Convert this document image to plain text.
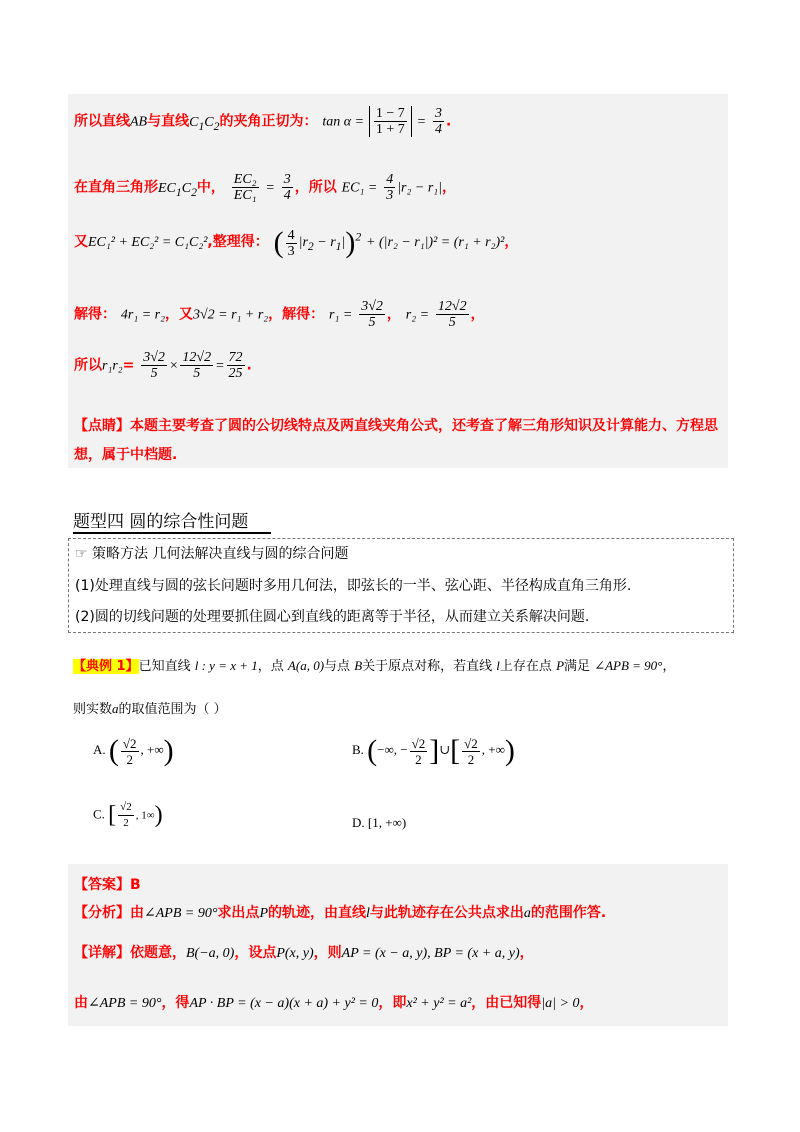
所以直线AB与直线$C_1C_2$的夹角正切为： $\tan \alpha = \frac{1 - 7}{1 + 7} = \frac{3}{4}$ .
在直角三角形$EC_1C_2$中， $\frac{\text{EC₂}}{\text{EC₁}} = \frac{3}{4}$ ，所以 $EC_1 = \frac{4}{3} |r_2 - r_1|$，
又EC₁² + EC₂² = C₁C₂²,整理得： ( $\frac{4}{3} |r_2 - r_1|)^2 + (|r_2 - r_1|)^2 = (r_1 + r_2)^2$，
解得： 4r₁ = r₂，又3√2 = r₁ + r₂，解得： $r_1 = \frac{3√2}{5}$ ， $r_2 = \frac{12√2}{5}$ ，
所以$r_1r_2= \frac{3√2}{5} \times \frac{12√2}{5} = \frac{72}{25}$ .
【点睛】本题主要考查了圆的公切线特点及两直线夹角公式，还考查了解三角形知识及计算能力、方程思想，属于中档题.
题型四 圆的综合性问题
☞ 策略方法 几何法解决直线与圆的综合问题
(1)处理直线与圆的弦长问题时多用几何法，即弦长的一半、弦心距、半径构成直角三角形.
(2)圆的切线问题的处理要抓住圆心到直线的距离等于半径，从而建立关系解决问题.
【典例 1】已知直线 l : y = x + 1，点 A(a, 0)与点 B关于原点对称，若直线 l上存在点 P满足 ∠APB = 90°，
则实数a的取值范围为（ ）
A. ( $\frac{√2}{2}$ , +∞)	B. (−∞, − $\frac{√2}{2}$ ]∪[ $\frac{√2}{2}$ , +∞)
C. [ $\frac{√2}{2}$ , 1∞)	D. [1, +∞)
【答案】B
【分析】由∠APB = 90°求出点P的轨迹，由直线l与此轨迹存在公共点求出a的范围作答.
【详解】依题意，B(−a, 0)，设点P(x, y)，则AP = (x − a, y), BP = (x + a, y)，
由∠APB = 90°，得AP · BP = (x − a)(x + a) + y² = 0，即x² + y² = a²，由已知得|a| > 0，
